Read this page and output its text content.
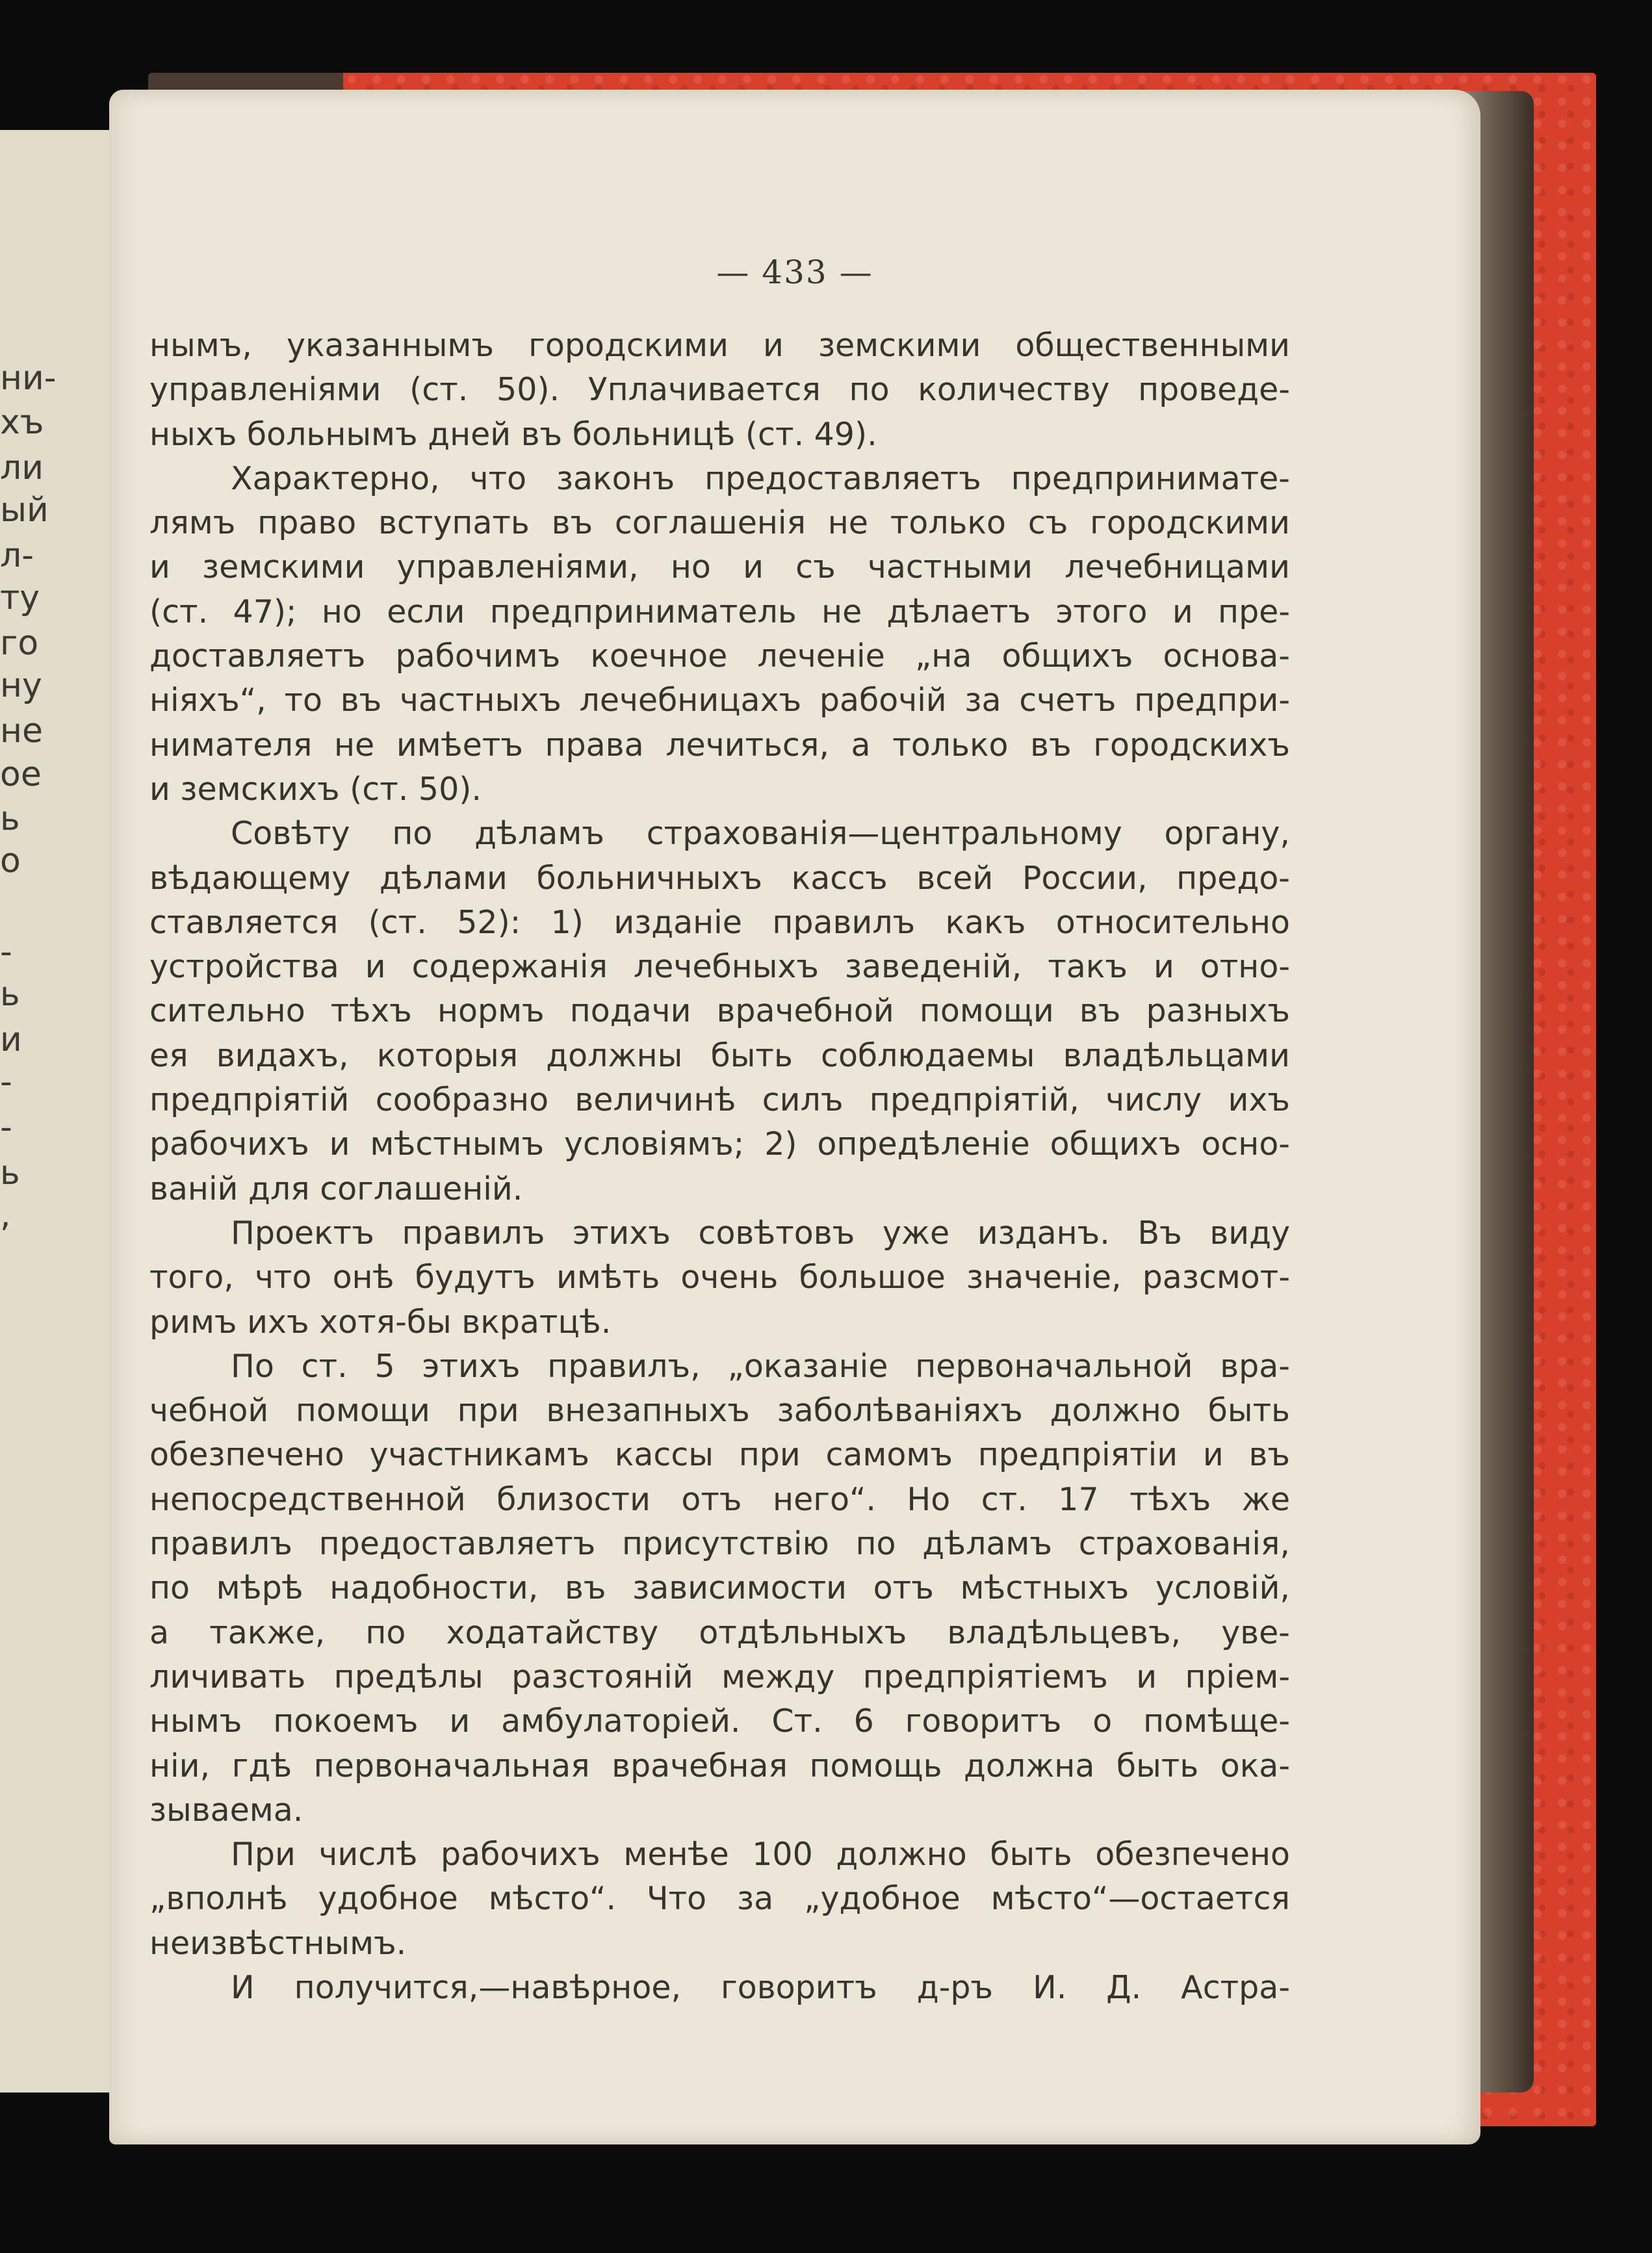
ни-
хъ
ли
ый
л-
ту
го
ну
не
ое
ь
о
-
ь
и
-
-
ь
,
— 433 —
нымъ, указаннымъ городскими и земскими общественными
управленіями (ст. 50). Уплачивается по количеству проведе-
ныхъ больнымъ дней въ больницѣ (ст. 49).
Характерно, что законъ предоставляетъ предпринимате-
лямъ право вступать въ соглашенія не только съ городскими
и земскими управленіями, но и съ частными лечебницами
(ст. 47); но если предприниматель не дѣлаетъ этого и пре-
доставляетъ рабочимъ коечное леченіе „на общихъ основа-
ніяхъ“, то въ частныхъ лечебницахъ рабочій за счетъ предпри-
нимателя не имѣетъ права лечиться, а только въ городскихъ
и земскихъ (ст. 50).
Совѣту по дѣламъ страхованія—центральному органу,
вѣдающему дѣлами больничныхъ кассъ всей России, предо-
ставляется (ст. 52): 1) изданіе правилъ какъ относительно
устройства и содержанія лечебныхъ заведеній, такъ и отно-
сительно тѣхъ нормъ подачи врачебной помощи въ разныхъ
ея видахъ, которыя должны быть соблюдаемы владѣльцами
предпріятій сообразно величинѣ силъ предпріятій, числу ихъ
рабочихъ и мѣстнымъ условіямъ; 2) опредѣленіе общихъ осно-
ваній для соглашеній.
Проектъ правилъ этихъ совѣтовъ уже изданъ. Въ виду
того, что онѣ будутъ имѣть очень большое значеніе, разсмот-
римъ ихъ хотя-бы вкратцѣ.
По ст. 5 этихъ правилъ, „оказаніе первоначальной вра-
чебной помощи при внезапныхъ заболѣваніяхъ должно быть
обезпечено участникамъ кассы при самомъ предпріятіи и въ
непосредственной близости отъ него“. Но ст. 17 тѣхъ же
правилъ предоставляетъ присутствію по дѣламъ страхованія,
по мѣрѣ надобности, въ зависимости отъ мѣстныхъ условій,
а также, по ходатайству отдѣльныхъ владѣльцевъ, уве-
личивать предѣлы разстояній между предпріятіемъ и пріем-
нымъ покоемъ и амбулаторіей. Ст. 6 говоритъ о помѣще-
ніи, гдѣ первоначальная врачебная помощь должна быть ока-
зываема.
При числѣ рабочихъ менѣе 100 должно быть обезпечено
„вполнѣ удобное мѣсто“. Что за „удобное мѣсто“—остается
неизвѣстнымъ.
И получится,—навѣрное, говоритъ д-ръ И. Д. Астра-
